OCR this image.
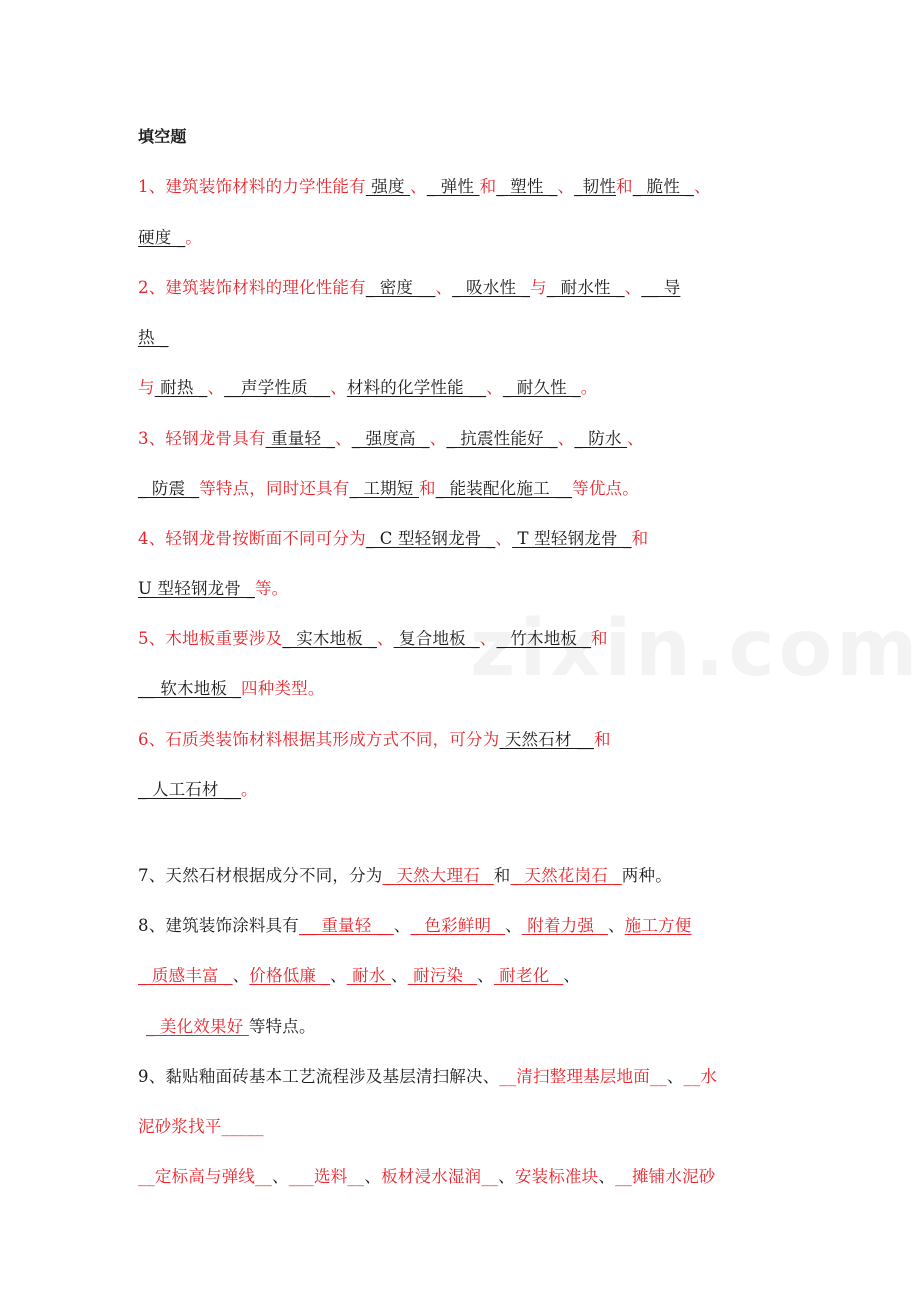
填空题
1、建筑装饰材料的力学性能有 强度 、_ 弹性 和_ 塑性 _、_韧性和_ 脆性 _、
硬度 _。
2、建筑装饰材料的理化性能有_ 密度 __、_ 吸水性 _与_ 耐水性 _、__ 导
热 _
与 耐热 _、__声学性质 __、材料的化学性能 __、_ 耐久性 _。
3、轻钢龙骨具有 重量轻 _、_ 强度高 _、_ 抗震性能好 _、_ 防水 、
_ 防震 _等特点，同时还具有_ 工期短 和_ 能装配化施工 __等优点。
4、轻钢龙骨按断面不同可分为_ C 型轻钢龙骨 _、 T 型轻钢龙骨 _和
U 型轻钢龙骨 _等。
5、木地板重要涉及_ 实木地板 _、 复合地板 _、_ 竹木地板 _和
__ 软木地板 _四种类型。
6、石质类装饰材料根据其形成方式不同，可分为 天然石材 __和
_ 人工石材 __。
7、天然石材根据成分不同，分为_ 天然大理石 _和_ 天然花岗石 _两种。
8、建筑装饰涂料具有__ 重量轻 __、_ 色彩鲜明 _、 附着力强 _、施工方便
_ 质感丰富 _、价格低廉 _、 耐水 、 耐污染 _、 耐老化 _、
_ 美化效果好 等特点。
9、黏贴釉面砖基本工艺流程涉及基层清扫解决、__清扫整理基层地面__、__水
泥砂浆找平_____
__定标高与弹线__、___选料__、板材浸水湿润__、安装标准块、__摊铺水泥砂
